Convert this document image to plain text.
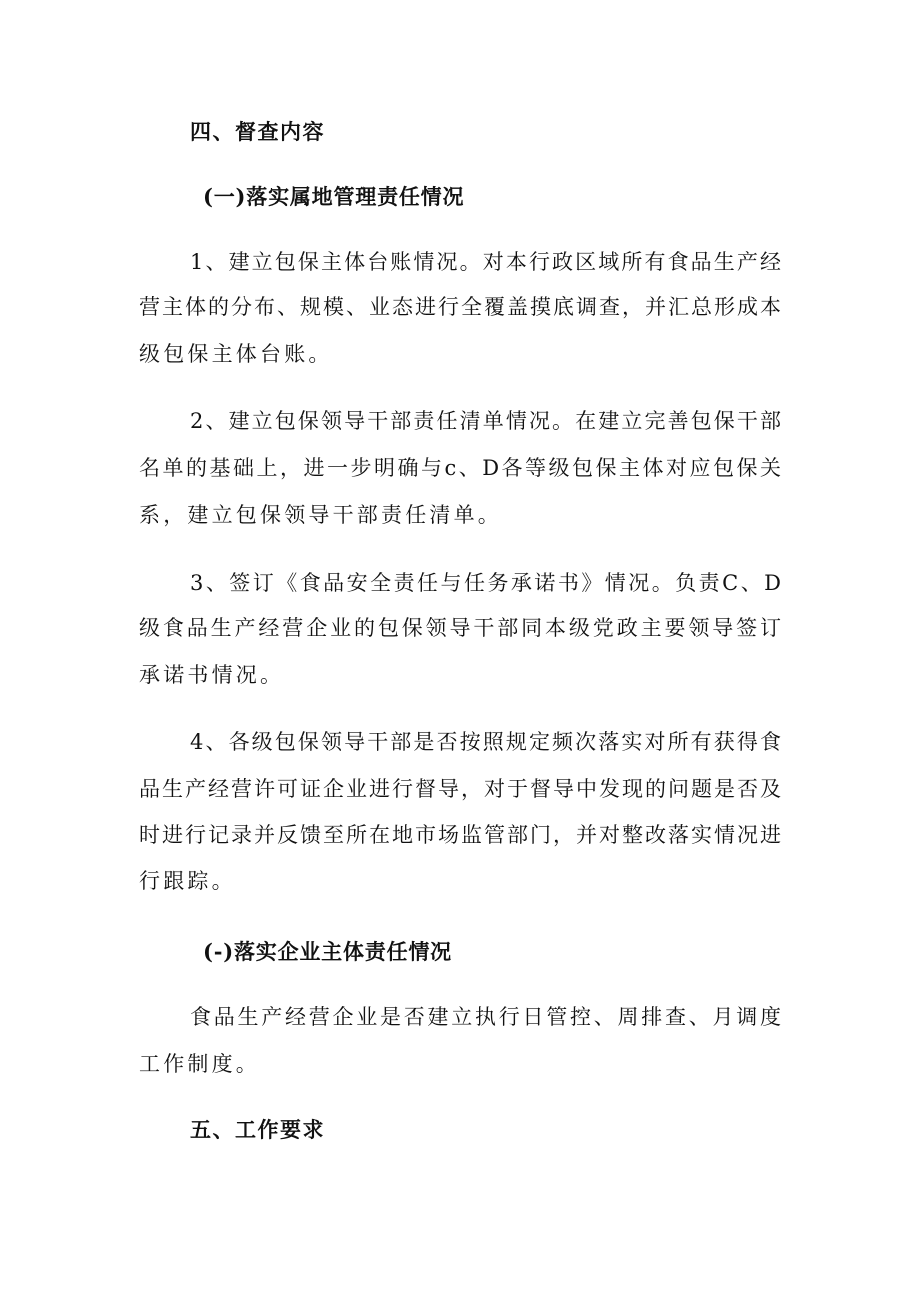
四、督查内容
(一)落实属地管理责任情况
1、建立包保主体台账情况。对本行政区域所有食品生产经
营主体的分布、规模、业态进行全覆盖摸底调查，并汇总形成本
级包保主体台账。
2、建立包保领导干部责任清单情况。在建立完善包保干部
名单的基础上，进一步明确与c、D各等级包保主体对应包保关
系，建立包保领导干部责任清单。
3、签订《食品安全责任与任务承诺书》情况。负责C、D
级食品生产经营企业的包保领导干部同本级党政主要领导签订
承诺书情况。
4、各级包保领导干部是否按照规定频次落实对所有获得食
品生产经营许可证企业进行督导，对于督导中发现的问题是否及
时进行记录并反馈至所在地市场监管部门，并对整改落实情况进
行跟踪。
(-)落实企业主体责任情况
食品生产经营企业是否建立执行日管控、周排查、月调度
工作制度。
五、工作要求
